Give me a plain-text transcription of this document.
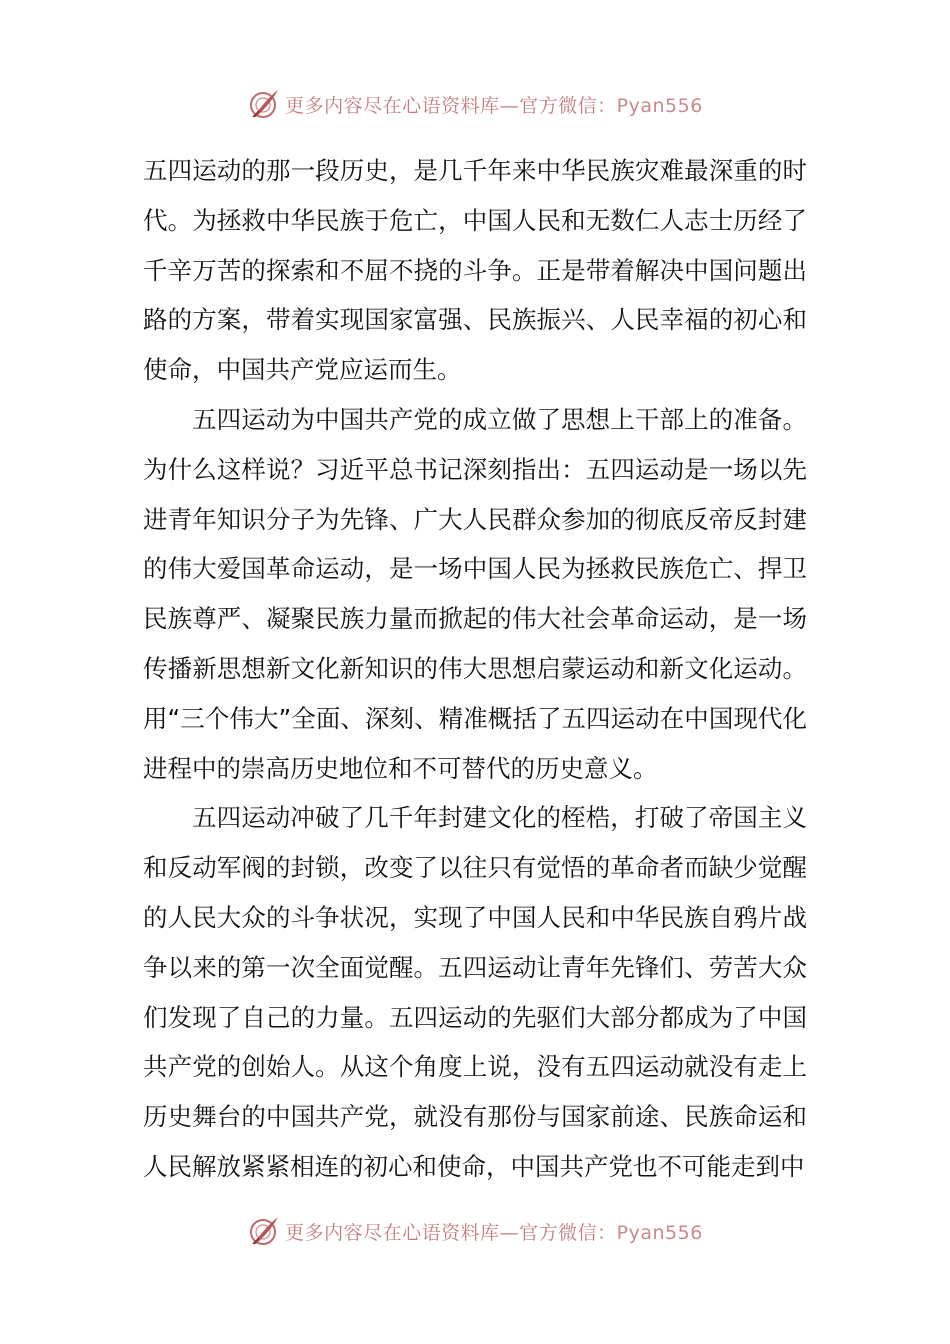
更多内容尽在心语资料库—官方微信：Pyan556

五四运动的那一段历史，是几千年来中华民族灾难最深重的时代。为拯救中华民族于危亡，中国人民和无数仁人志士历经了千辛万苦的探索和不屈不挠的斗争。正是带着解决中国问题出路的方案，带着实现国家富强、民族振兴、人民幸福的初心和使命，中国共产党应运而生。

五四运动为中国共产党的成立做了思想上干部上的准备。为什么这样说？习近平总书记深刻指出：五四运动是一场以先进青年知识分子为先锋、广大人民群众参加的彻底反帝反封建的伟大爱国革命运动，是一场中国人民为拯救民族危亡、捍卫民族尊严、凝聚民族力量而掀起的伟大社会革命运动，是一场传播新思想新文化新知识的伟大思想启蒙运动和新文化运动。用“三个伟大”全面、深刻、精准概括了五四运动在中国现代化进程中的崇高历史地位和不可替代的历史意义。

五四运动冲破了几千年封建文化的桎梏，打破了帝国主义和反动军阀的封锁，改变了以往只有觉悟的革命者而缺少觉醒的人民大众的斗争状况，实现了中国人民和中华民族自鸦片战争以来的第一次全面觉醒。五四运动让青年先锋们、劳苦大众们发现了自己的力量。五四运动的先驱们大部分都成为了中国共产党的创始人。从这个角度上说，没有五四运动就没有走上历史舞台的中国共产党，就没有那份与国家前途、民族命运和人民解放紧紧相连的初心和使命，中国共产党也不可能走到中

更多内容尽在心语资料库—官方微信：Pyan556
